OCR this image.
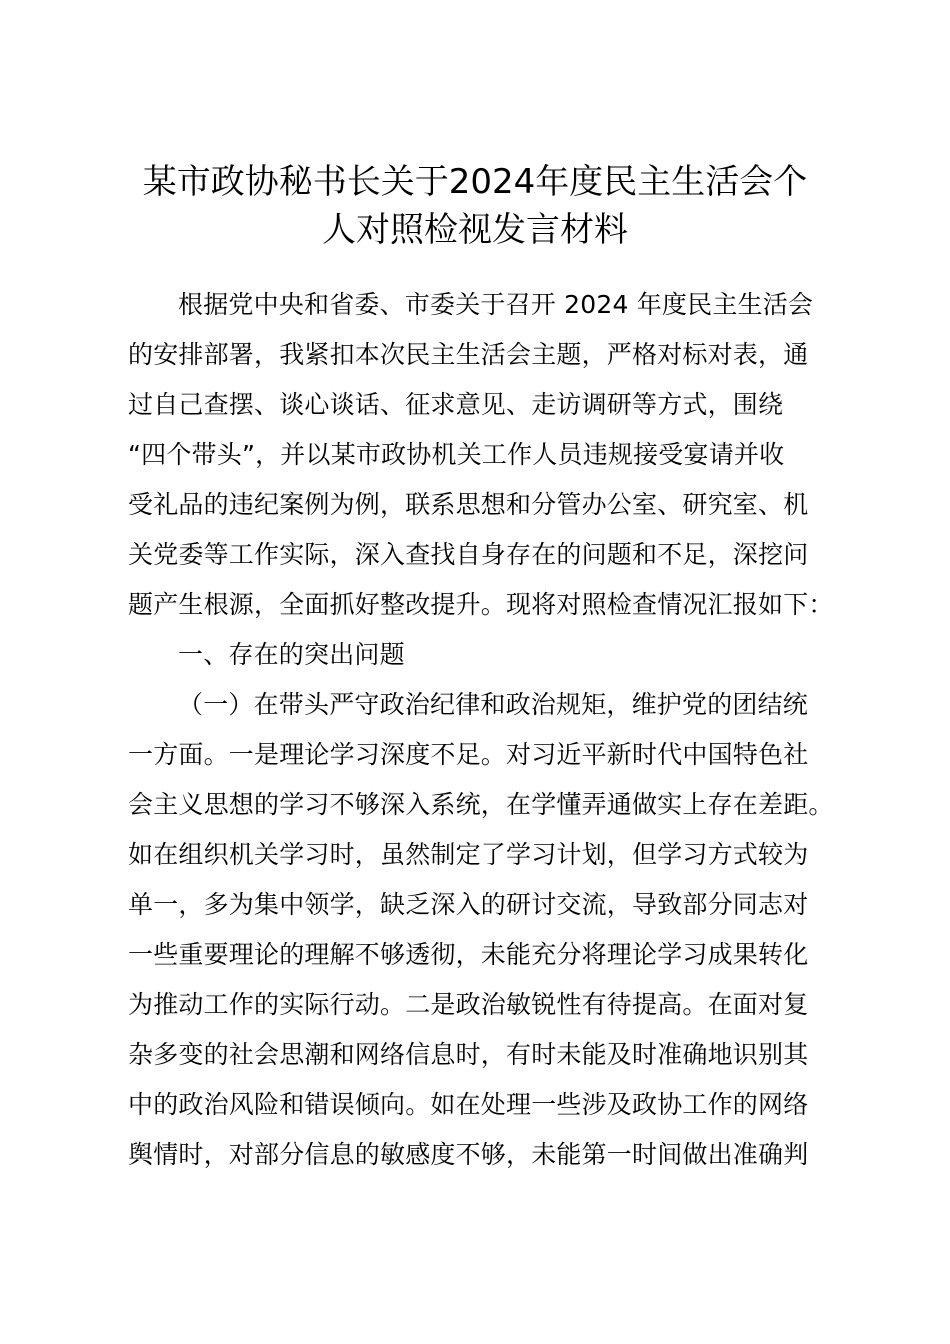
某市政协秘书长关于2024年度民主生活会个
人对照检视发言材料
根据党中央和省委、市委关于召开 2024 年度民主生活会
的安排部署，我紧扣本次民主生活会主题，严格对标对表，通
过自己查摆、谈心谈话、征求意见、走访调研等方式，围绕
“四个带头”，并以某市政协机关工作人员违规接受宴请并收
受礼品的违纪案例为例，联系思想和分管办公室、研究室、机
关党委等工作实际，深入查找自身存在的问题和不足，深挖问
题产生根源，全面抓好整改提升。现将对照检查情况汇报如下：
一、存在的突出问题
（一）在带头严守政治纪律和政治规矩，维护党的团结统
一方面。一是理论学习深度不足。对习近平新时代中国特色社
会主义思想的学习不够深入系统，在学懂弄通做实上存在差距。
如在组织机关学习时，虽然制定了学习计划，但学习方式较为
单一，多为集中领学，缺乏深入的研讨交流，导致部分同志对
一些重要理论的理解不够透彻，未能充分将理论学习成果转化
为推动工作的实际行动。二是政治敏锐性有待提高。在面对复
杂多变的社会思潮和网络信息时，有时未能及时准确地识别其
中的政治风险和错误倾向。如在处理一些涉及政协工作的网络
舆情时，对部分信息的敏感度不够，未能第一时间做出准确判
